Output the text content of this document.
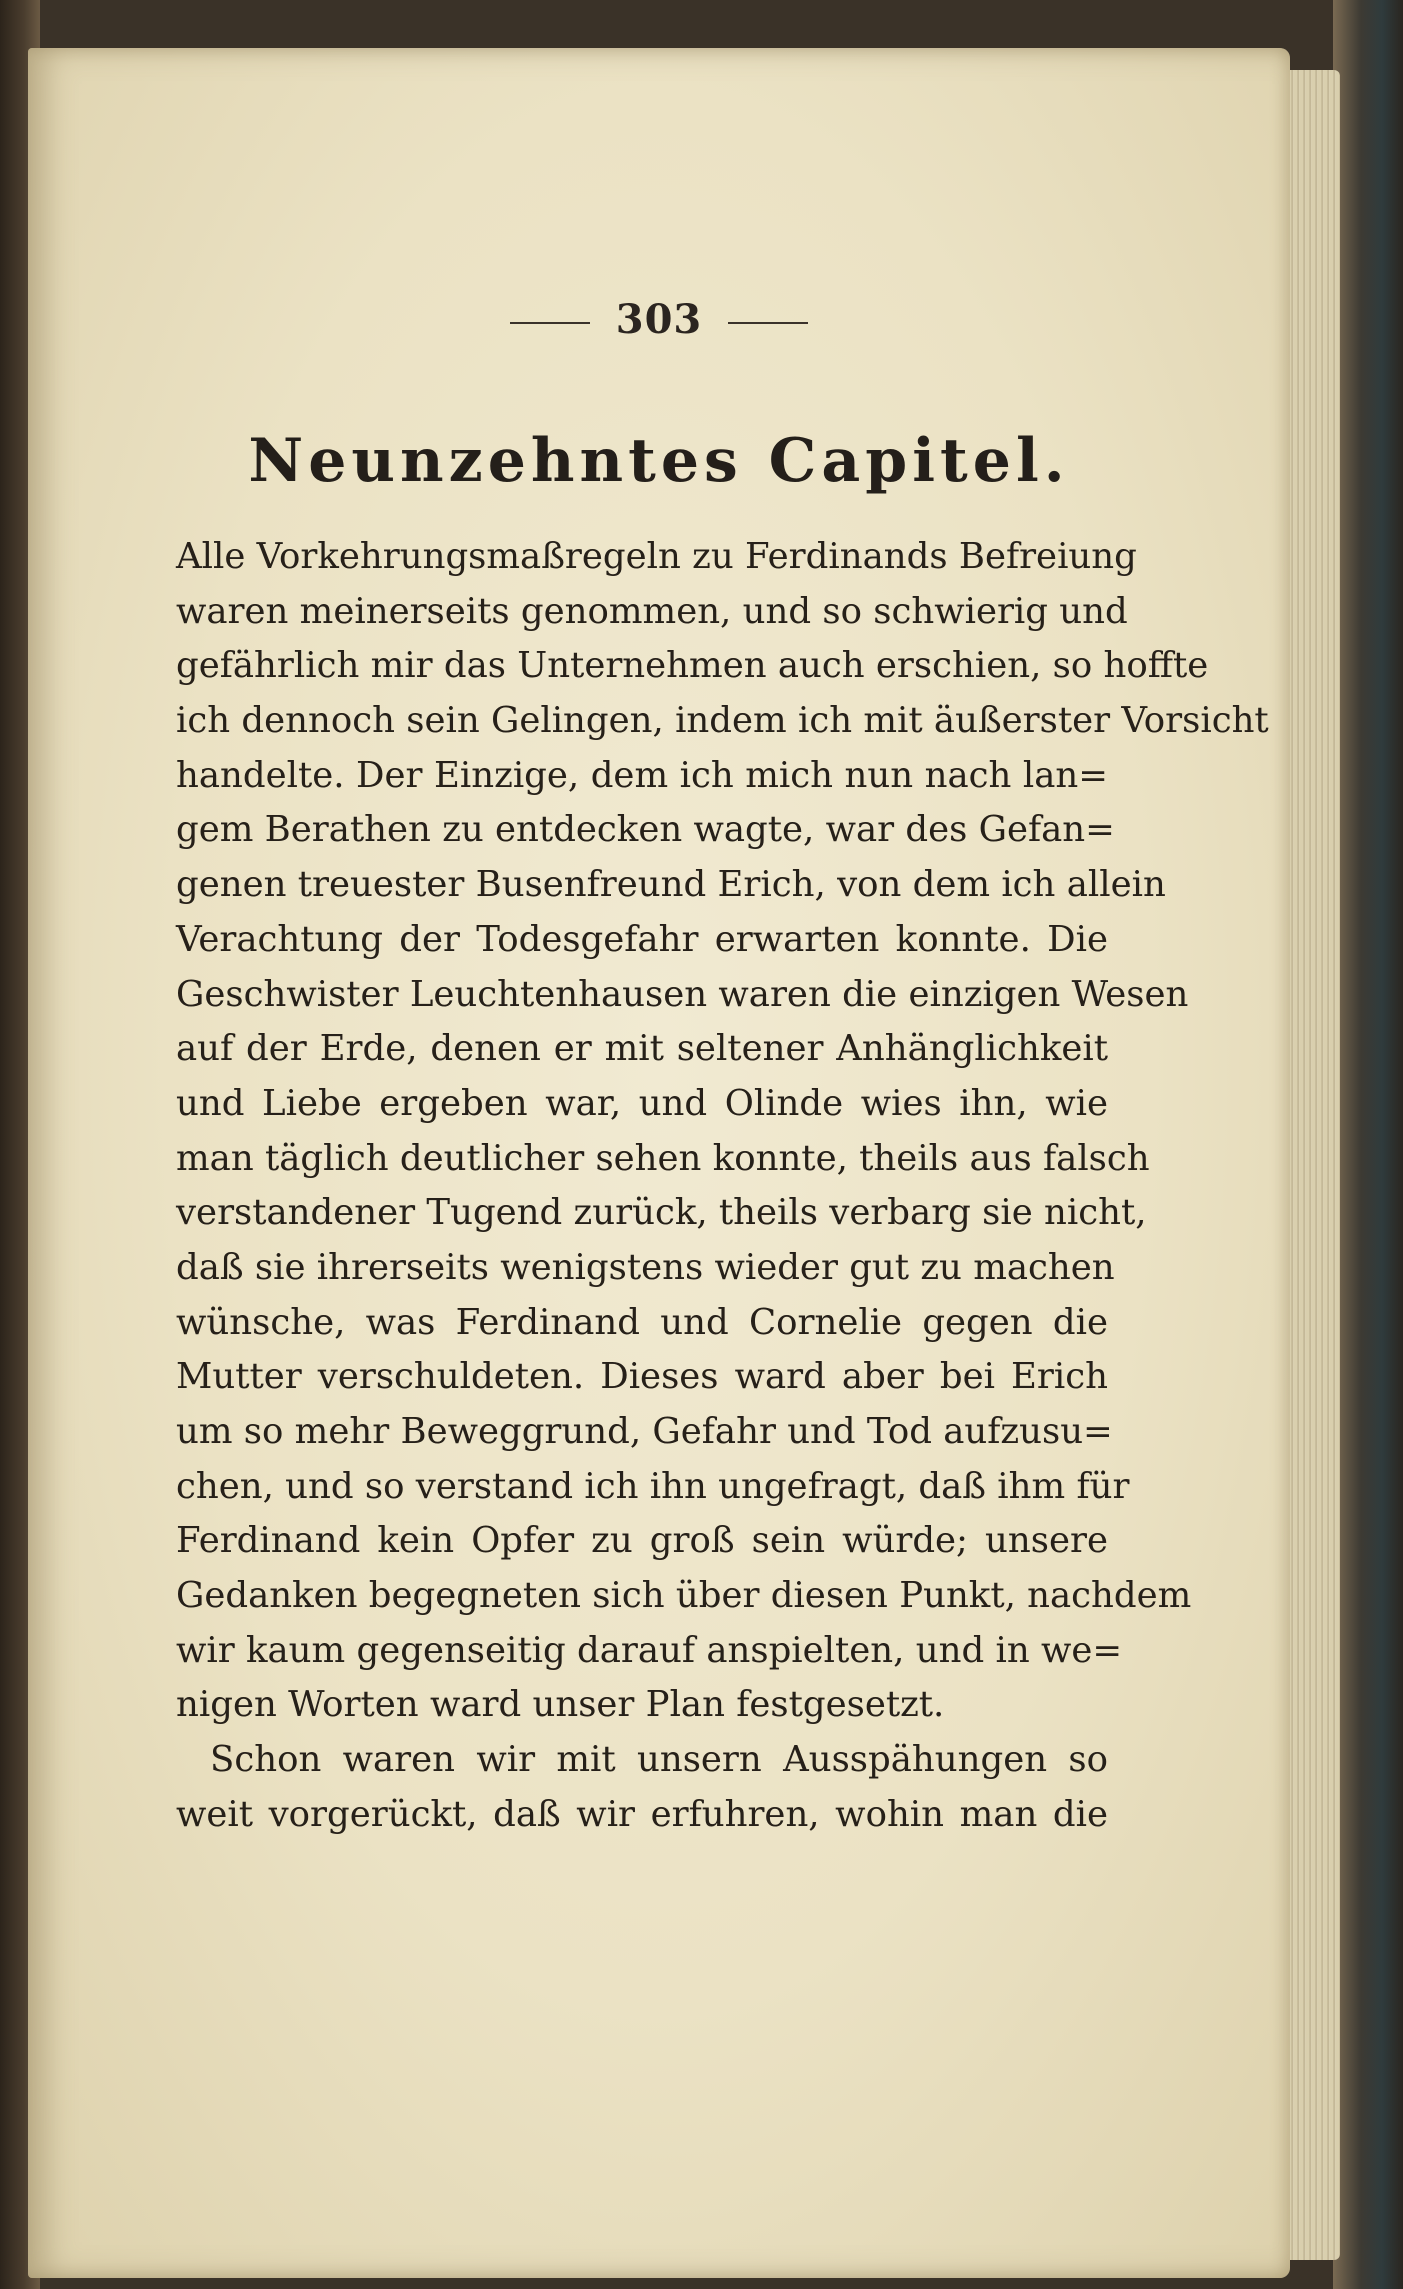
303
Neunzehntes Capitel.
Alle Vorkehrungsmaßregeln zu Ferdinands Befreiung
waren meinerseits genommen, und so schwierig und
gefährlich mir das Unternehmen auch erschien, so hoffte
ich dennoch sein Gelingen, indem ich mit äußerster Vorsicht
handelte. Der Einzige, dem ich mich nun nach lan=
gem Berathen zu entdecken wagte, war des Gefan=
genen treuester Busenfreund Erich, von dem ich allein
Verachtung der Todesgefahr erwarten konnte. Die
Geschwister Leuchtenhausen waren die einzigen Wesen
auf der Erde, denen er mit seltener Anhänglichkeit
und Liebe ergeben war, und Olinde wies ihn, wie
man täglich deutlicher sehen konnte, theils aus falsch
verstandener Tugend zurück, theils verbarg sie nicht,
daß sie ihrerseits wenigstens wieder gut zu machen
wünsche, was Ferdinand und Cornelie gegen die
Mutter verschuldeten. Dieses ward aber bei Erich
um so mehr Beweggrund, Gefahr und Tod aufzusu=
chen, und so verstand ich ihn ungefragt, daß ihm für
Ferdinand kein Opfer zu groß sein würde; unsere
Gedanken begegneten sich über diesen Punkt, nachdem
wir kaum gegenseitig darauf anspielten, und in we=
nigen Worten ward unser Plan festgesetzt.
Schon waren wir mit unsern Ausspähungen so
weit vorgerückt, daß wir erfuhren, wohin man die
